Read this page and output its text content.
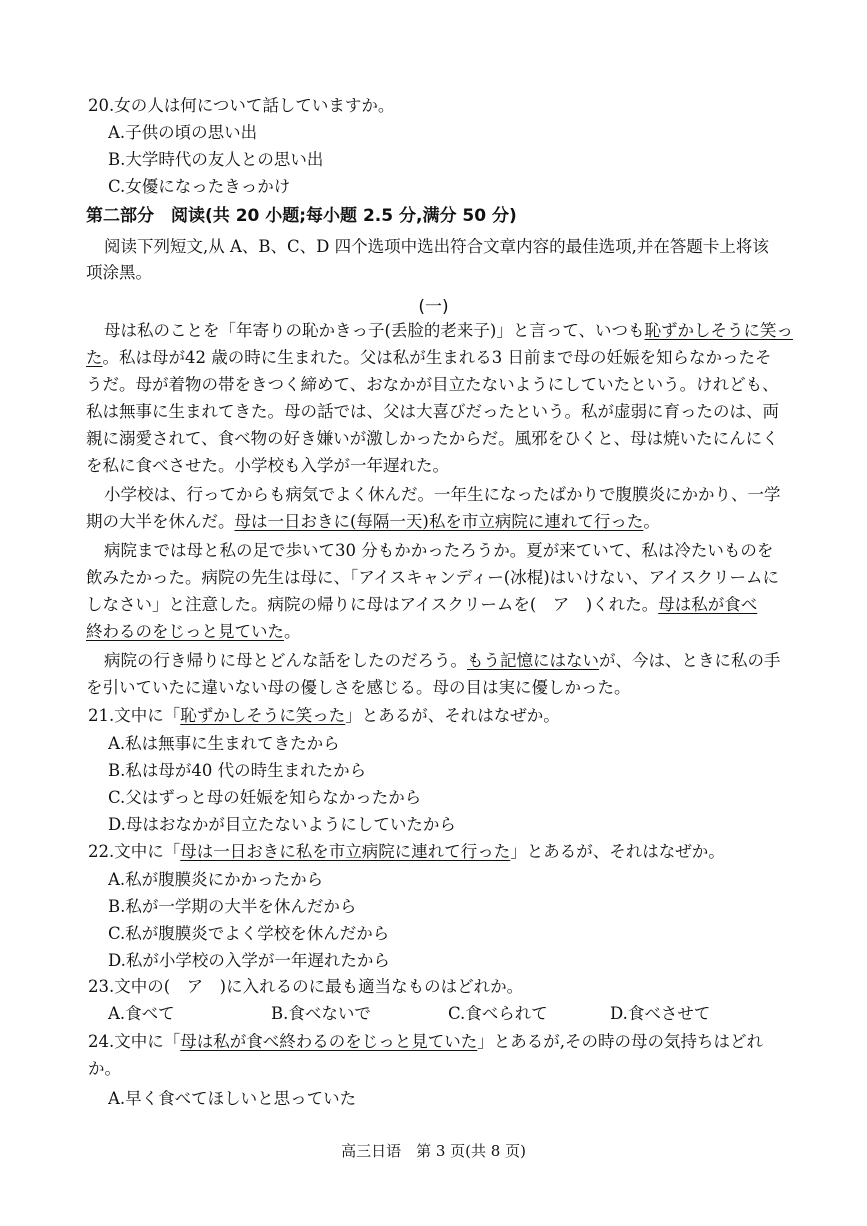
20.女の人は何について話していますか。
A.子供の頃の思い出
B.大学時代の友人との思い出
C.女優になったきっかけ
第二部分　阅读(共 20 小题;每小题 2.5 分,满分 50 分)
阅读下列短文,从 A、B、C、D 四个选项中选出符合文章内容的最佳选项,并在答题卡上将该
项涂黑。
(一)
母は私のことを「年寄りの恥かきっ子(丢脸的老来子)」と言って、いつも恥ずかしそうに笑っ
た。私は母が42 歳の時に生まれた。父は私が生まれる3 日前まで母の妊娠を知らなかったそ
うだ。母が着物の帯をきつく締めて、おなかが目立たないようにしていたという。けれども、
私は無事に生まれてきた。母の話では、父は大喜びだったという。私が虚弱に育ったのは、両
親に溺愛されて、食べ物の好き嫌いが激しかったからだ。風邪をひくと、母は焼いたにんにく
を私に食べさせた。小学校も入学が一年遅れた。
小学校は、行ってからも病気でよく休んだ。一年生になったばかりで腹膜炎にかかり、一学
期の大半を休んだ。母は一日おきに(每隔一天)私を市立病院に連れて行った。
病院までは母と私の足で歩いて30 分もかかったろうか。夏が来ていて、私は冷たいものを
飲みたかった。病院の先生は母に、「アイスキャンディー(冰棍)はいけない、アイスクリームに
しなさい」と注意した。病院の帰りに母はアイスクリームを(　ア　)くれた。母は私が食べ
終わるのをじっと見ていた。
病院の行き帰りに母とどんな話をしたのだろう。もう記憶にはないが、今は、ときに私の手
を引いていたに違いない母の優しさを感じる。母の目は実に優しかった。
21.文中に「恥ずかしそうに笑った」とあるが、それはなぜか。
A.私は無事に生まれてきたから
B.私は母が40 代の時生まれたから
C.父はずっと母の妊娠を知らなかったから
D.母はおなかが目立たないようにしていたから
22.文中に「母は一日おきに私を市立病院に連れて行った」とあるが、それはなぜか。
A.私が腹膜炎にかかったから
B.私が一学期の大半を休んだから
C.私が腹膜炎でよく学校を休んだから
D.私が小学校の入学が一年遅れたから
23.文中の(　ア　)に入れるのに最も適当なものはどれか。
A.食べて	B.食べないで	C.食べられて	D.食べさせて
24.文中に「母は私が食べ終わるのをじっと見ていた」とあるが,その時の母の気持ちはどれ
か。
A.早く食べてほしいと思っていた
高三日语　第 3 页(共 8 页)
